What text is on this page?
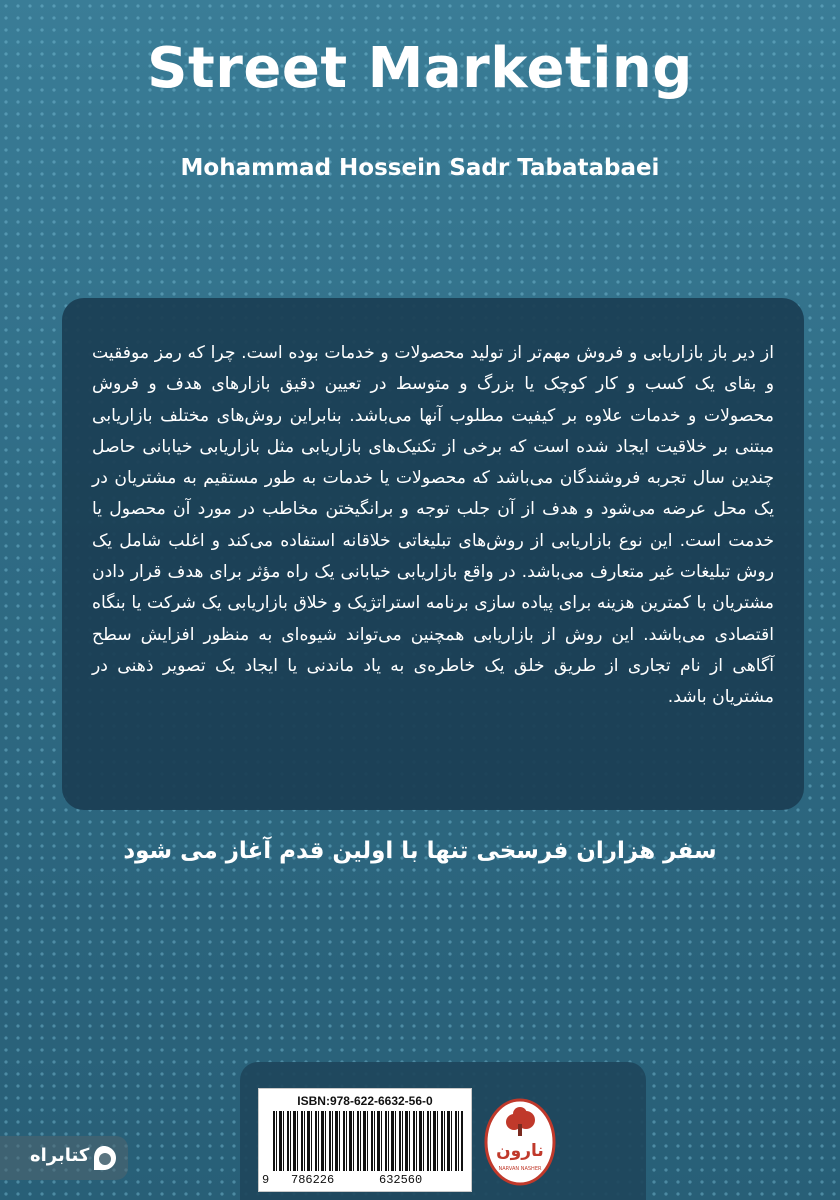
Street Marketing
Mohammad Hossein Sadr Tabatabaei

از دیر باز بازاریابی و فروش مهم‌تر از تولید محصولات و خدمات بوده است. چرا که رمز موفقیت و بقای یک کسب و کار کوچک یا بزرگ و متوسط در تعیین دقیق بازارهای هدف و فروش محصولات و خدمات علاوه بر کیفیت مطلوب آنها می‌باشد. بنابراین روش‌های مختلف بازاریابی مبتنی بر خلاقیت ایجاد شده است که برخی از تکنیک‌های بازاریابی مثل بازاریابی خیابانی حاصل چندین سال تجربه فروشندگان می‌باشد که محصولات یا خدمات به طور مستقیم به مشتریان در یک محل عرضه می‌شود و هدف از آن جلب توجه و برانگیختن مخاطب در مورد آن محصول یا خدمت است. این نوع بازاریابی از روش‌های تبلیغاتی خلاقانه استفاده می‌کند و اغلب شامل یک روش تبلیغات غیر متعارف می‌باشد. در واقع بازاریابی خیابانی یک راه مؤثر برای هدف قرار دادن مشتریان با کمترین هزینه برای پیاده سازی برنامه استراتژیک و خلاق بازاریابی یک شرکت یا بنگاه اقتصادی می‌باشد. این روش از بازاریابی همچنین می‌تواند شیوه‌ای به منظور افزایش سطح آگاهی از نام تجاری از طریق خلق یک خاطره‌ی به یاد ماندنی یا ایجاد یک تصویر ذهنی در مشتریان باشد.

سفر هزاران فرسخی تنها با اولین قدم آغاز می شود
ISBN:978-622-6632-56-0
9 786226	632560
نارون
NARVAN NASHER
کتابراه
